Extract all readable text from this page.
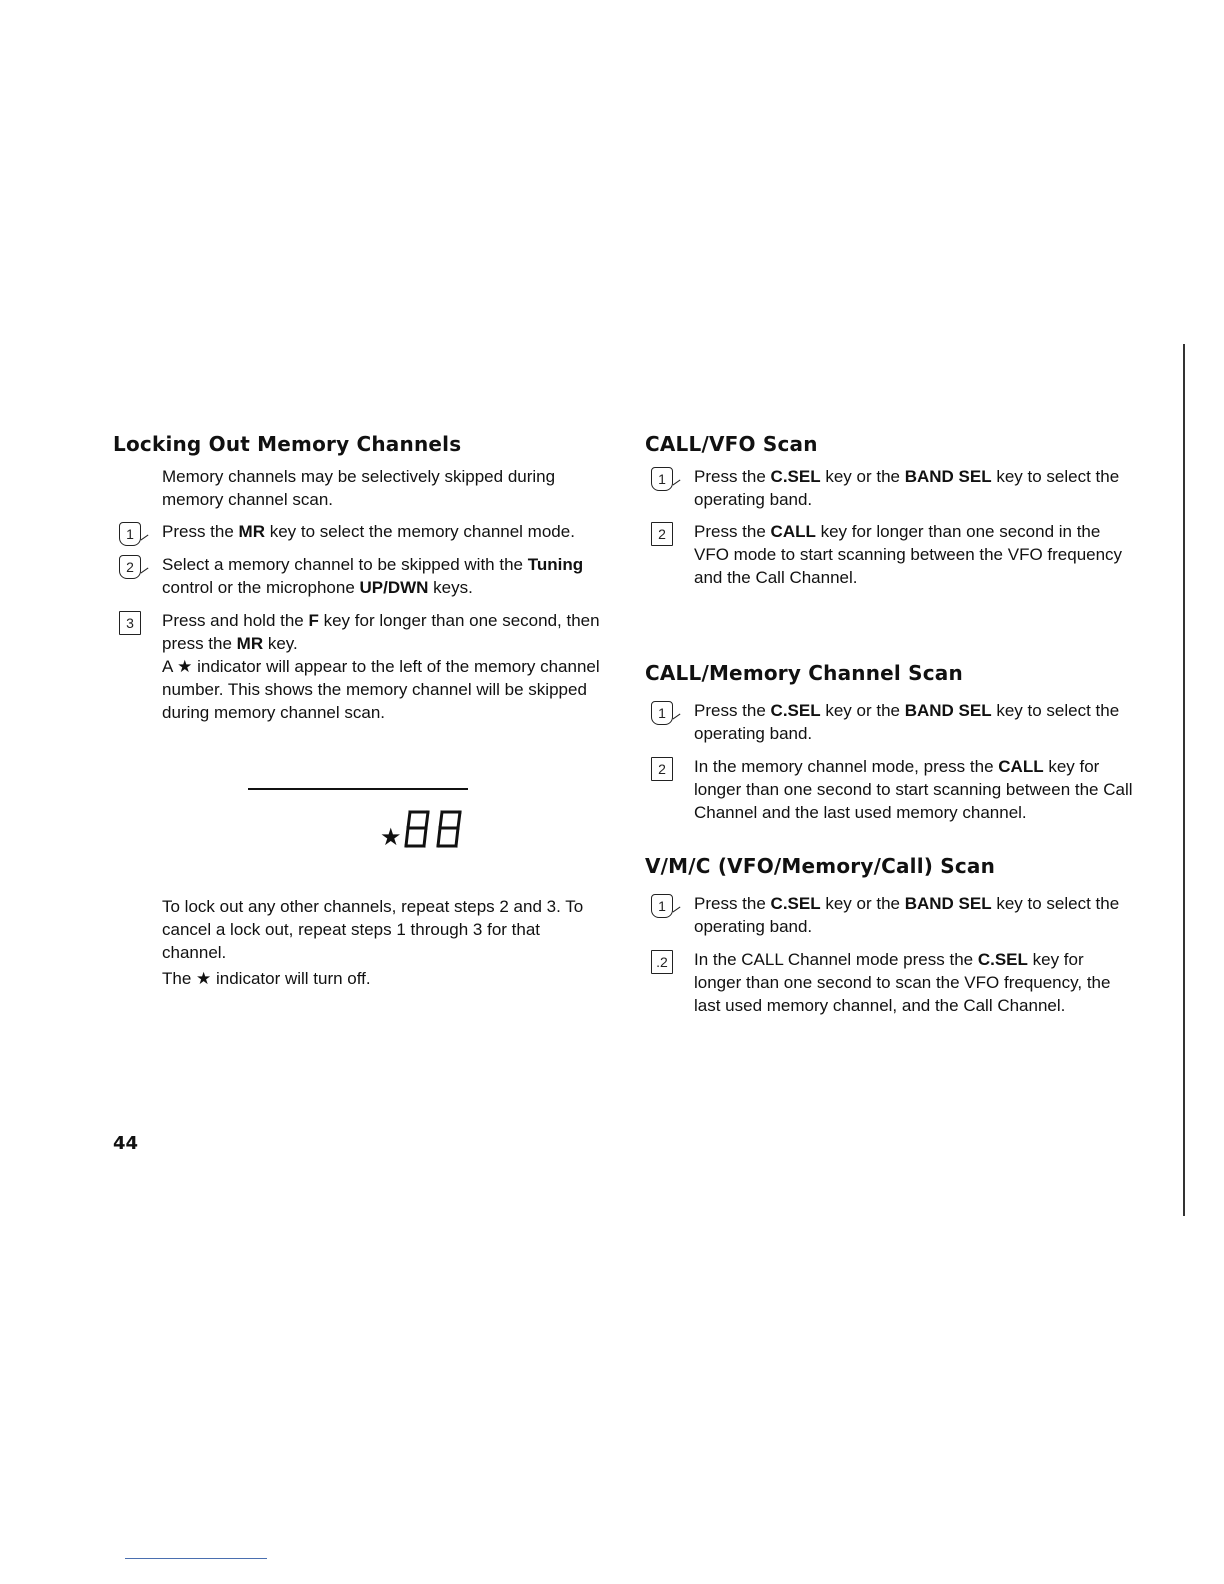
Locking Out Memory Channels
Memory channels may be selectively skipped during memory channel scan.
1	Press the MR key to select the memory channel mode.
2	Select a memory channel to be skipped with the Tuning control or the microphone UP/DWN keys.
3	Press and hold the F key for longer than one second, then press the MR key.
A ★ indicator will appear to the left of the memory channel number. This shows the memory channel will be skipped during memory channel scan.
★
To lock out any other channels, repeat steps 2 and 3. To cancel a lock out, repeat steps 1 through 3 for that channel.
The ★ indicator will turn off.
CALL/VFO Scan
1	Press the C.SEL key or the BAND SEL key to select the operating band.
2	Press the CALL key for longer than one second in the VFO mode to start scanning between the VFO frequency and the Call Channel.
CALL/Memory Channel Scan
1	Press the C.SEL key or the BAND SEL key to select the operating band.
2	In the memory channel mode, press the CALL key for longer than one second to start scanning between the Call Channel and the last used memory channel.
V/M/C (VFO/Memory/Call) Scan
1	Press the C.SEL key or the BAND SEL key to select the operating band.
.2	In the CALL Channel mode press the C.SEL key for longer than one second to scan the VFO frequency, the last used memory channel, and the Call Channel.
44
